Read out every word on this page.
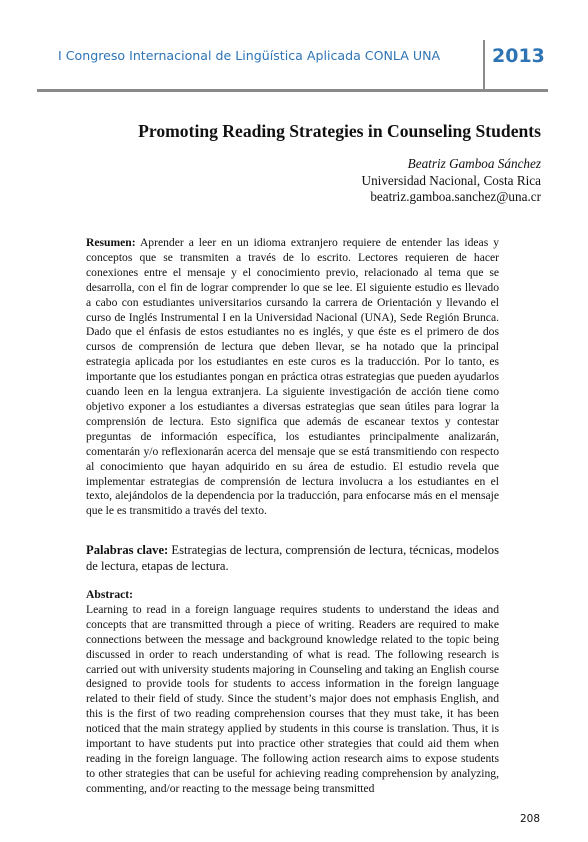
I Congreso Internacional de Lingüística Aplicada CONLA UNA	2013
Promoting Reading Strategies in Counseling Students
Beatriz Gamboa Sánchez
Universidad Nacional, Costa Rica
beatriz.gamboa.sanchez@una.cr
Resumen: Aprender a leer en un idioma extranjero requiere de entender las ideas y conceptos que se transmiten a través de lo escrito. Lectores requieren de hacer conexiones entre el mensaje y el conocimiento previo, relacionado al tema que se desarrolla, con el fin de lograr comprender lo que se lee. El siguiente estudio es llevado a cabo con estudiantes universitarios cursando la carrera de Orientación y llevando el curso de Inglés Instrumental I en la Universidad Nacional (UNA), Sede Región Brunca. Dado que el énfasis de estos estudiantes no es inglés, y que éste es el primero de dos cursos de comprensión de lectura que deben llevar, se ha notado que la principal estrategia aplicada por los estudiantes en este curos es la traducción. Por lo tanto, es importante que los estudiantes pongan en práctica otras estrategias que pueden ayudarlos cuando leen en la lengua extranjera. La siguiente investigación de acción tiene como objetivo exponer a los estudiantes a diversas estrategias que sean útiles para lograr la comprensión de lectura. Esto significa que además de escanear textos y contestar preguntas de información específica, los estudiantes principalmente analizarán, comentarán y/o reflexionarán acerca del mensaje que se está transmitiendo con respecto al conocimiento que hayan adquirido en su área de estudio. El estudio revela que implementar estrategias de comprensión de lectura involucra a los estudiantes en el texto, alejándolos de la dependencia por la traducción, para enfocarse más en el mensaje que le es transmitido a través del texto.
Palabras clave: Estrategias de lectura, comprensión de lectura, técnicas, modelos de lectura, etapas de lectura.
Abstract:
Learning to read in a foreign language requires students to understand the ideas and concepts that are transmitted through a piece of writing. Readers are required to make connections between the message and background knowledge related to the topic being discussed in order to reach understanding of what is read. The following research is carried out with university students majoring in Counseling and taking an English course designed to provide tools for students to access information in the foreign language related to their field of study. Since the student’s major does not emphasis English, and this is the first of two reading comprehension courses that they must take, it has been noticed that the main strategy applied by students in this course is translation. Thus, it is important to have students put into practice other strategies that could aid them when reading in the foreign language. The following action research aims to expose students to other strategies that can be useful for achieving reading comprehension by analyzing, commenting, and/or reacting to the message being transmitted
208
